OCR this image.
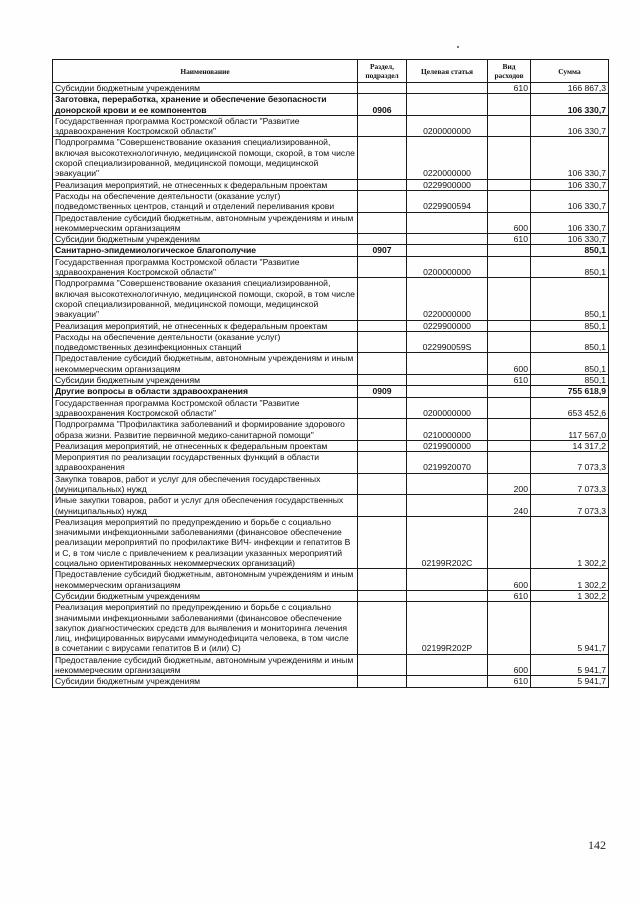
Наименование	Раздел, подраздел	Целевая статья	Вид расходов	Сумма
Субсидии бюджетным учреждениям			610	166 867,3
Заготовка, переработка, хранение и обеспечение безопасности донорской крови и ее компонентов	0906			106 330,7
Государственная программа Костромской области "Развитие здравоохранения Костромской области"		0200000000		106 330,7
Подпрограмма "Совершенствование оказания специализированной, включая высокотехнологичную, медицинской помощи, скорой, в том числе скорой специализированной, медицинской помощи, медицинской эвакуации"		0220000000		106 330,7
Реализация мероприятий, не отнесенных к федеральным проектам		0229900000		106 330,7
Расходы на обеспечение деятельности (оказание услуг) подведомственных центров, станций и отделений переливания крови		0229900594		106 330,7
Предоставление субсидий бюджетным, автономным учреждениям и иным некоммерческим организациям			600	106 330,7
Субсидии бюджетным учреждениям			610	106 330,7
Санитарно-эпидемиологическое благополучие	0907			850,1
Государственная программа Костромской области "Развитие здравоохранения Костромской области"		0200000000		850,1
Подпрограмма "Совершенствование оказания специализированной, включая высокотехнологичную, медицинской помощи, скорой, в том числе скорой специализированной, медицинской помощи, медицинской эвакуации"		0220000000		850,1
Реализация мероприятий, не отнесенных к федеральным проектам		0229900000		850,1
Расходы на обеспечение деятельности (оказание услуг) подведомственных дезинфекционных станций		022990059S		850,1
Предоставление субсидий бюджетным, автономным учреждениям и иным некоммерческим организациям			600	850,1
Субсидии бюджетным учреждениям			610	850,1
Другие вопросы в области здравоохранения	0909			755 618,9
Государственная программа Костромской области "Развитие здравоохранения Костромской области"		0200000000		653 452,6
Подпрограмма "Профилактика заболеваний и формирование здорового образа жизни. Развитие первичной медико-санитарной помощи"		0210000000		117 567,0
Реализация мероприятий, не отнесенных к федеральным проектам		0219900000		14 317,2
Мероприятия по реализации государственных функций в области здравоохранения		0219920070		7 073,3
Закупка товаров, работ и услуг для обеспечения государственных (муниципальных) нужд			200	7 073,3
Иные закупки товаров, работ и услуг для обеспечения государственных (муниципальных) нужд			240	7 073,3
Реализация мероприятий по предупреждению и борьбе с социально значимыми инфекционными заболеваниями (финансовое обеспечение реализации мероприятий по профилактике ВИЧ- инфекции и гепатитов В и С, в том числе с привлечением к реализации указанных мероприятий социально ориентированных некоммерческих организаций)		02199R202C		1 302,2
Предоставление субсидий бюджетным, автономным учреждениям и иным некоммерческим организациям			600	1 302,2
Субсидии бюджетным учреждениям			610	1 302,2
Реализация мероприятий по предупреждению и борьбе с социально значимыми инфекционными заболеваниями (финансовое обеспечение закупок диагностических средств для выявления и мониторинга лечения лиц, инфицированных вирусами иммунодефицита человека, в том числе в сочетании с вирусами гепатитов В и (или) С)		02199R202P		5 941,7
Предоставление субсидий бюджетным, автономным учреждениям и иным некоммерческим организациям			600	5 941,7
Субсидии бюджетным учреждениям			610	5 941,7
142
